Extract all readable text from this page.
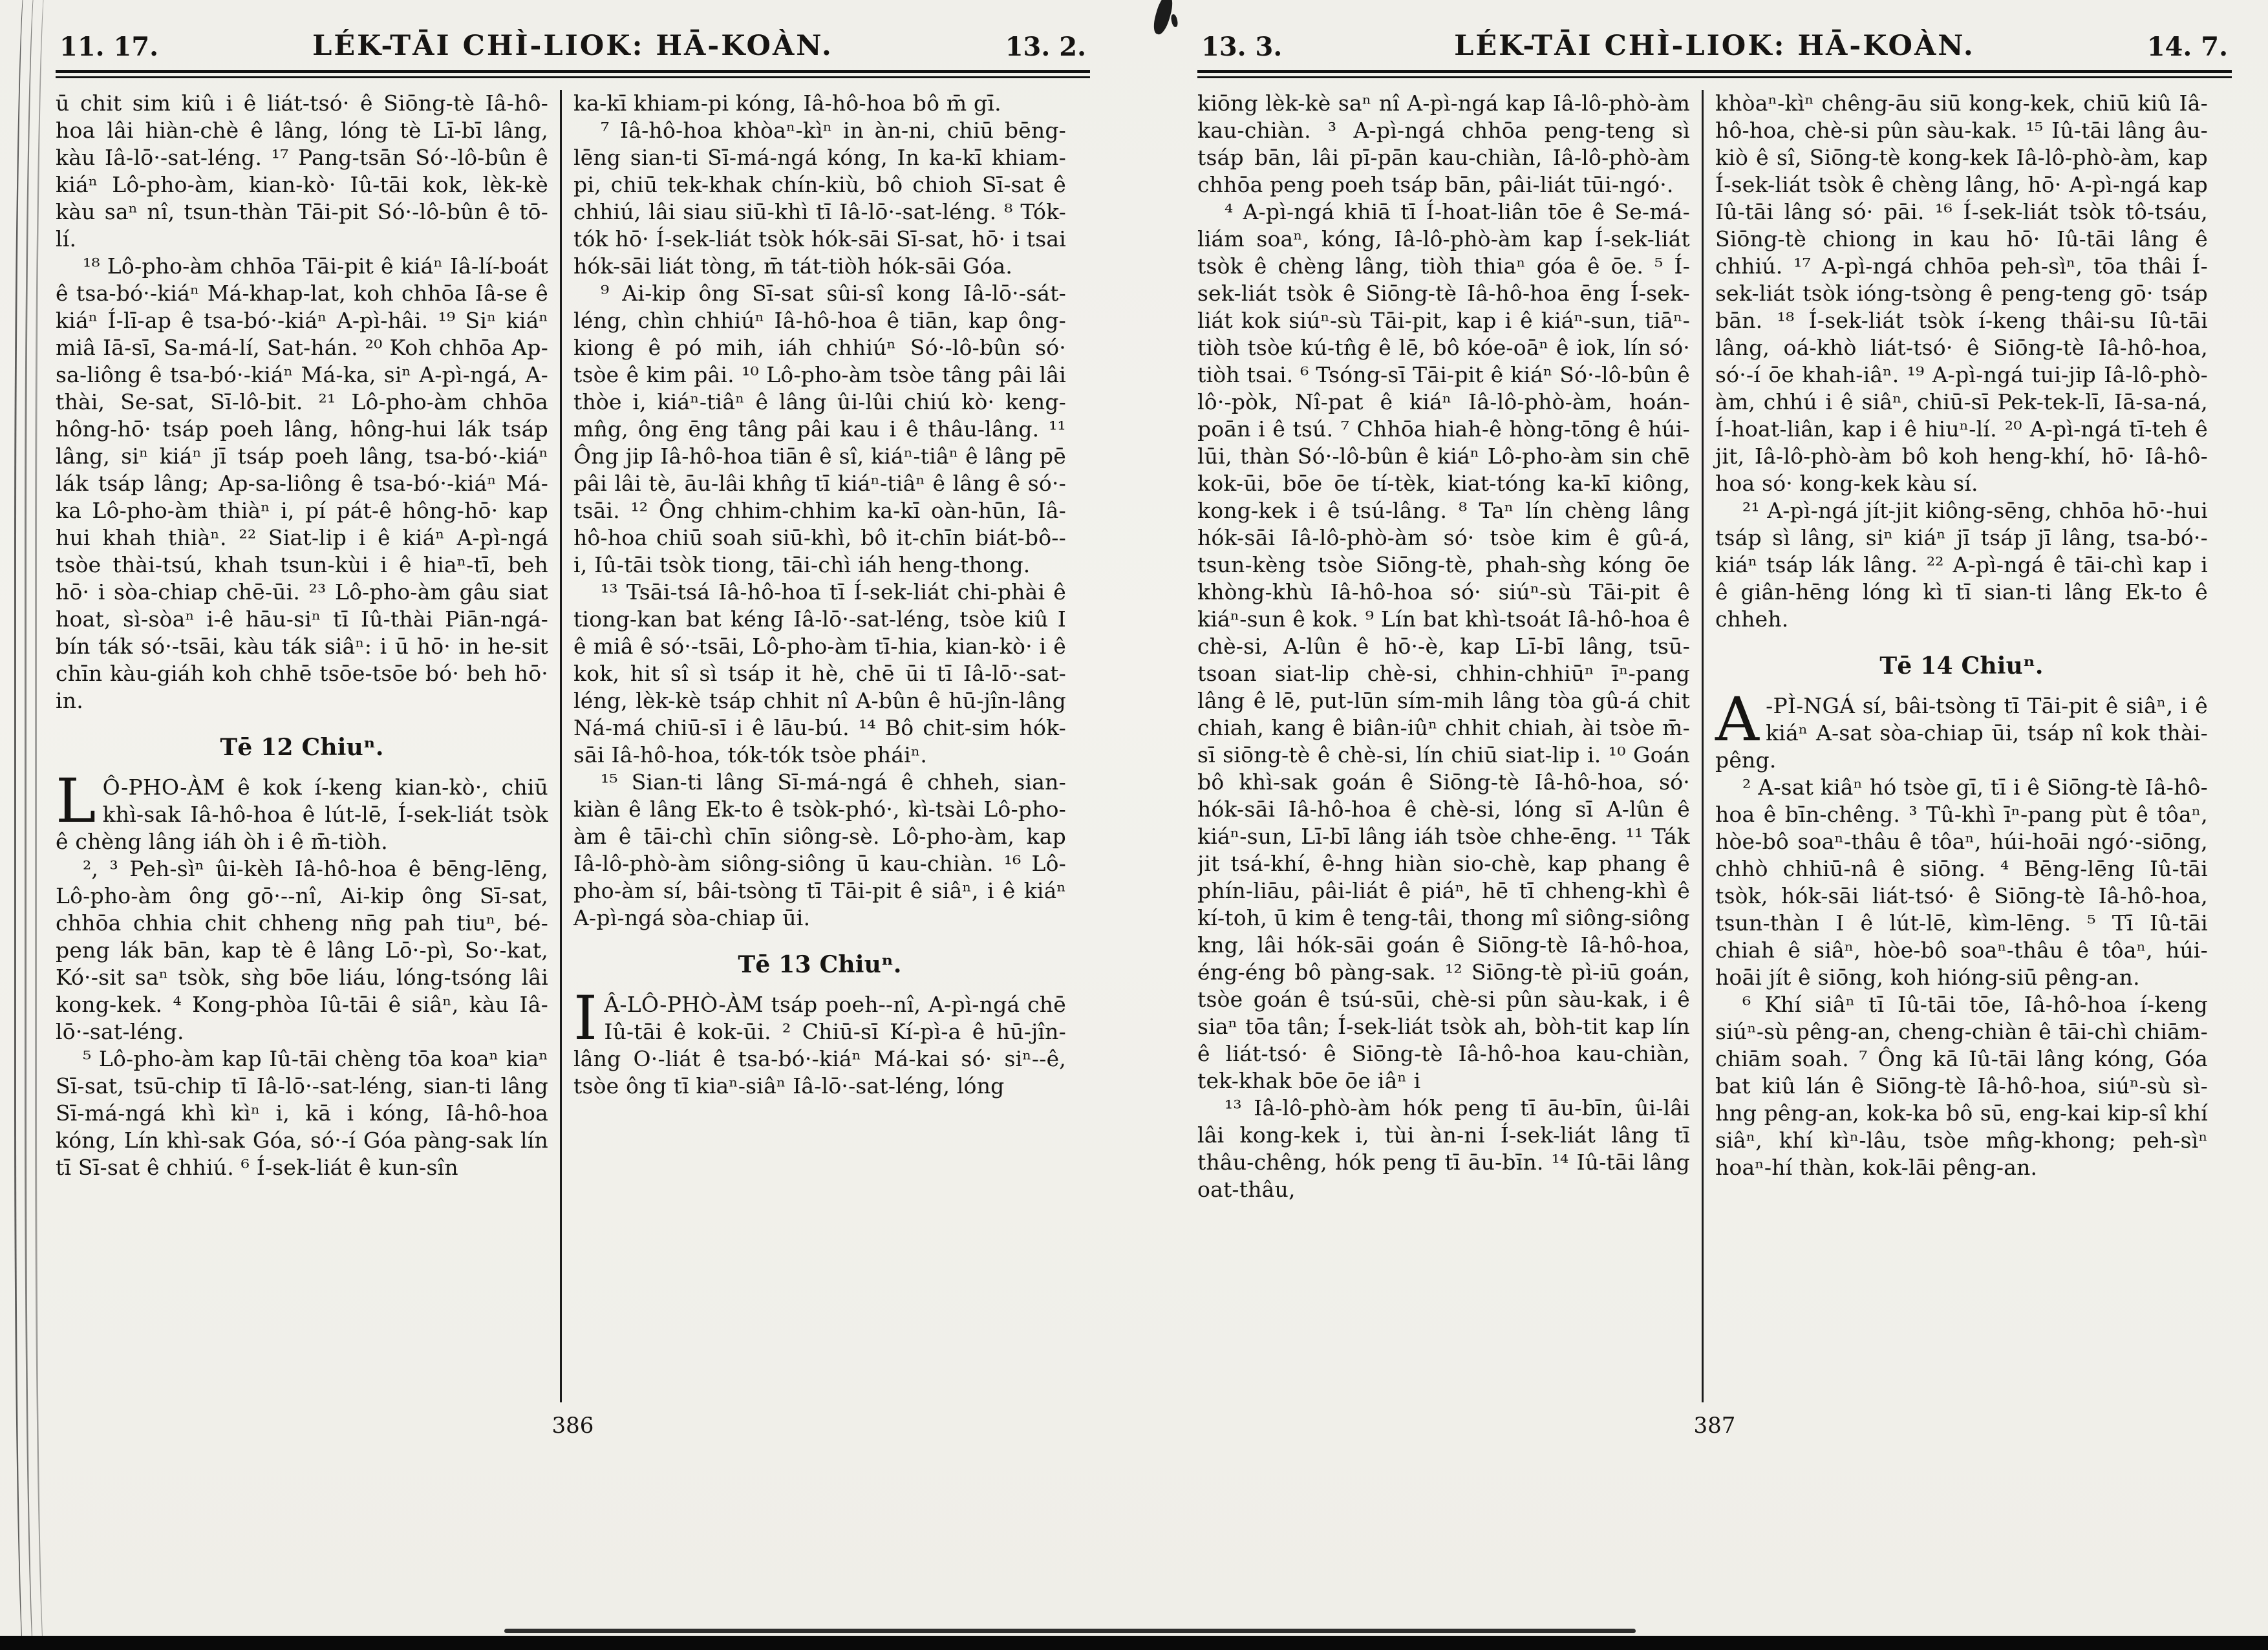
11. 17.	LÉK-TĀI CHÌ-LIOK: HĀ-KOÀN.	13. 2.

ū chit sim kiû i ê liát-tsó· ê Siōng-tè Iâ-hô-hoa lâi hiàn-chè ê lâng, lóng tè Lī-bī lâng, kàu Iâ-lō·-sat-léng. ¹⁷ Pang-tsān Só·-lô-bûn ê kiáⁿ Lô-pho-àm, kian-kò· Iû-tāi kok, lèk-kè kàu saⁿ nî, tsun-thàn Tāi-pit Só·-lô-bûn ê tō-lí.

¹⁸ Lô-pho-àm chhōa Tāi-pit ê kiáⁿ Iâ-lí-boát ê tsa-bó·-kiáⁿ Má-khap-lat, koh chhōa Iâ-se ê kiáⁿ Í-lī-ap ê tsa-bó·-kiáⁿ A-pì-hâi. ¹⁹ Siⁿ kiáⁿ miâ Iā-sī, Sa-má-lí, Sat-hán. ²⁰ Koh chhōa Ap-sa-liông ê tsa-bó·-kiáⁿ Má-ka, siⁿ A-pì-ngá, A-thài, Se-sat, Sī-lô-bit. ²¹ Lô-pho-àm chhōa hông-hō· tsáp poeh lâng, hông-hui lák tsáp lâng, siⁿ kiáⁿ jī tsáp poeh lâng, tsa-bó·-kiáⁿ lák tsáp lâng; Ap-sa-liông ê tsa-bó·-kiáⁿ Má-ka Lô-pho-àm thiàⁿ i, pí pát-ê hông-hō· kap hui khah thiàⁿ. ²² Siat-lip i ê kiáⁿ A-pì-ngá tsòe thài-tsú, khah tsun-kùi i ê hiaⁿ-tī, beh hō· i sòa-chiap chē-ūi. ²³ Lô-pho-àm gâu siat hoat, sì-sòaⁿ i-ê hāu-siⁿ tī Iû-thài Piān-ngá-bín ták só·-tsāi, kàu ták siâⁿ: i ū hō· in he-sit chīn kàu-giáh koh chhē tsōe-tsōe bó· beh hō· in.

Tē 12 Chiuⁿ.

L Ô-PHO-ÀM ê kok í-keng kian-kò·, chiū khì-sak Iâ-hô-hoa ê lút-lē, Í-sek-liát tsòk ê chèng lâng iáh òh i ê m̄-tiòh.

², ³ Peh-sìⁿ ûi-kèh Iâ-hô-hoa ê bēng-lēng, Lô-pho-àm ông gō·--nî, Ai-kip ông Sī-sat, chhōa chhia chit chheng nn̄g pah tiuⁿ, bé-peng lák bān, kap tè ê lâng Lō·-pì, So·-kat, Kó·-sit saⁿ tsòk, sǹg bōe liáu, lóng-tsóng lâi kong-kek. ⁴ Kong-phòa Iû-tāi ê siâⁿ, kàu Iâ-lō·-sat-léng.

⁵ Lô-pho-àm kap Iû-tāi chèng tōa koaⁿ kiaⁿ Sī-sat, tsū-chip tī Iâ-lō·-sat-léng, sian-ti lâng Sī-má-ngá khì kìⁿ i, kā i kóng, Iâ-hô-hoa kóng, Lín khì-sak Góa, só·-í Góa pàng-sak lín tī Sī-sat ê chhiú. ⁶ Í-sek-liát ê kun-sîn

ka-kī khiam-pi kóng, Iâ-hô-hoa bô m̄ gī.

⁷ Iâ-hô-hoa khòaⁿ-kìⁿ in àn-ni, chiū bēng-lēng sian-ti Sī-má-ngá kóng, In ka-kī khiam-pi, chiū tek-khak chín-kiù, bô chioh Sī-sat ê chhiú, lâi siau siū-khì tī Iâ-lō·-sat-léng. ⁸ Tók-tók hō· Í-sek-liát tsòk hók-sāi Sī-sat, hō· i tsai hók-sāi liát tòng, m̄ tát-tiòh hók-sāi Góa.

⁹ Ai-kip ông Sī-sat sûi-sî kong Iâ-lō·-sát-léng, chìn chhiúⁿ Iâ-hô-hoa ê tiān, kap ông-kiong ê pó mih, iáh chhiúⁿ Só·-lô-bûn só· tsòe ê kim pâi. ¹⁰ Lô-pho-àm tsòe tâng pâi lâi thòe i, kiáⁿ-tiâⁿ ê lâng ûi-lûi chiú kò· keng-mn̂g, ông ēng tâng pâi kau i ê thâu-lâng. ¹¹ Ông jip Iâ-hô-hoa tiān ê sî, kiáⁿ-tiâⁿ ê lâng pē pâi lâi tè, āu-lâi khn̂g tī kiáⁿ-tiâⁿ ê lâng ê só·-tsāi. ¹² Ông chhim-chhim ka-kī oàn-hūn, Iâ-hô-hoa chiū soah siū-khì, bô it-chīn biát-bô--i, Iû-tāi tsòk tiong, tāi-chì iáh heng-thong.

¹³ Tsāi-tsá Iâ-hô-hoa tī Í-sek-liát chi-phài ê tiong-kan bat kéng Iâ-lō·-sat-léng, tsòe kiû I ê miâ ê só·-tsāi, Lô-pho-àm tī-hia, kian-kò· i ê kok, hit sî sì tsáp it hè, chē ūi tī Iâ-lō·-sat-léng, lèk-kè tsáp chhit nî A-bûn ê hū-jîn-lâng Ná-má chiū-sī i ê lāu-bú. ¹⁴ Bô chit-sim hók-sāi Iâ-hô-hoa, tók-tók tsòe pháiⁿ.

¹⁵ Sian-ti lâng Sī-má-ngá ê chheh, sian-kiàn ê lâng Ek-to ê tsòk-phó·, kì-tsài Lô-pho-àm ê tāi-chì chīn siông-sè. Lô-pho-àm, kap Iâ-lô-phò-àm siông-siông ū kau-chiàn. ¹⁶ Lô-pho-àm sí, bâi-tsòng tī Tāi-pit ê siâⁿ, i ê kiáⁿ A-pì-ngá sòa-chiap ūi.

Tē 13 Chiuⁿ.

I Â-LÔ-PHÒ-ÀM tsáp poeh--nî, A-pì-ngá chē Iû-tāi ê kok-ūi. ² Chiū-sī Kí-pì-a ê hū-jîn-lâng O·-liát ê tsa-bó·-kiáⁿ Má-kai só· siⁿ--ê, tsòe ông tī kiaⁿ-siâⁿ Iâ-lō·-sat-léng, lóng

386
13. 3.	LÉK-TĀI CHÌ-LIOK: HĀ-KOÀN.	14. 7.

kiōng lèk-kè saⁿ nî A-pì-ngá kap Iâ-lô-phò-àm kau-chiàn. ³ A-pì-ngá chhōa peng-teng sì tsáp bān, lâi pī-pān kau-chiàn, Iâ-lô-phò-àm chhōa peng poeh tsáp bān, pâi-liát tūi-ngó·.

⁴ A-pì-ngá khiā tī Í-hoat-liân tōe ê Se-má-liám soaⁿ, kóng, Iâ-lô-phò-àm kap Í-sek-liát tsòk ê chèng lâng, tiòh thiaⁿ góa ê ōe. ⁵ Í-sek-liát tsòk ê Siōng-tè Iâ-hô-hoa ēng Í-sek-liát kok siúⁿ-sù Tāi-pit, kap i ê kiáⁿ-sun, tiāⁿ-tiòh tsòe kú-tn̂g ê lē, bô kóe-oāⁿ ê iok, lín só· tiòh tsai. ⁶ Tsóng-sī Tāi-pit ê kiáⁿ Só·-lô-bûn ê lô·-pòk, Nî-pat ê kiáⁿ Iâ-lô-phò-àm, hoán-poān i ê tsú. ⁷ Chhōa hiah-ê hòng-tōng ê húi-lūi, thàn Só·-lô-bûn ê kiáⁿ Lô-pho-àm sin chē kok-ūi, bōe ōe tí-tèk, kiat-tóng ka-kī kiông, kong-kek i ê tsú-lâng. ⁸ Taⁿ lín chèng lâng hók-sāi Iâ-lô-phò-àm só· tsòe kim ê gû-á, tsun-kèng tsòe Siōng-tè, phah-sǹg kóng ōe khòng-khù Iâ-hô-hoa só· siúⁿ-sù Tāi-pit ê kiáⁿ-sun ê kok. ⁹ Lín bat khì-tsoát Iâ-hô-hoa ê chè-si, A-lûn ê hō·-è, kap Lī-bī lâng, tsū-tsoan siat-lip chè-si, chhin-chhiūⁿ īⁿ-pang lâng ê lē, put-lūn sím-mih lâng tòa gû-á chit chiah, kang ê biân-iûⁿ chhit chiah, ài tsòe m̄-sī siōng-tè ê chè-si, lín chiū siat-lip i. ¹⁰ Goán bô khì-sak goán ê Siōng-tè Iâ-hô-hoa, só· hók-sāi Iâ-hô-hoa ê chè-si, lóng sī A-lûn ê kiáⁿ-sun, Lī-bī lâng iáh tsòe chhe-ēng. ¹¹ Ták jit tsá-khí, ê-hng hiàn sio-chè, kap phang ê phín-liāu, pâi-liát ê piáⁿ, hē tī chheng-khì ê kí-toh, ū kim ê teng-tâi, thong mî siông-siông kng, lâi hók-sāi goán ê Siōng-tè Iâ-hô-hoa, éng-éng bô pàng-sak. ¹² Siōng-tè pì-iū goán, tsòe goán ê tsú-sūi, chè-si pûn sàu-kak, i ê siaⁿ tōa tân; Í-sek-liát tsòk ah, bòh-tit kap lín ê liát-tsó· ê Siōng-tè Iâ-hô-hoa kau-chiàn, tek-khak bōe ōe iâⁿ i

¹³ Iâ-lô-phò-àm hók peng tī āu-bīn, ûi-lâi lâi kong-kek i, tùi àn-ni Í-sek-liát lâng tī thâu-chêng, hók peng tī āu-bīn. ¹⁴ Iû-tāi lâng oat-thâu,

khòaⁿ-kìⁿ chêng-āu siū kong-kek, chiū kiû Iâ-hô-hoa, chè-si pûn sàu-kak. ¹⁵ Iû-tāi lâng âu-kiò ê sî, Siōng-tè kong-kek Iâ-lô-phò-àm, kap Í-sek-liát tsòk ê chèng lâng, hō· A-pì-ngá kap Iû-tāi lâng só· pāi. ¹⁶ Í-sek-liát tsòk tô-tsáu, Siōng-tè chiong in kau hō· Iû-tāi lâng ê chhiú. ¹⁷ A-pì-ngá chhōa peh-sìⁿ, tōa thâi Í-sek-liát tsòk ióng-tsòng ê peng-teng gō· tsáp bān. ¹⁸ Í-sek-liát tsòk í-keng thâi-su Iû-tāi lâng, oá-khò liát-tsó· ê Siōng-tè Iâ-hô-hoa, só·-í ōe khah-iâⁿ. ¹⁹ A-pì-ngá tui-jip Iâ-lô-phò-àm, chhú i ê siâⁿ, chiū-sī Pek-tek-lī, Iā-sa-ná, Í-hoat-liân, kap i ê hiuⁿ-lí. ²⁰ A-pì-ngá tī-teh ê jit, Iâ-lô-phò-àm bô koh heng-khí, hō· Iâ-hô-hoa só· kong-kek kàu sí.

²¹ A-pì-ngá jít-jit kiông-sēng, chhōa hō·-hui tsáp sì lâng, siⁿ kiáⁿ jī tsáp jī lâng, tsa-bó·-kiáⁿ tsáp lák lâng. ²² A-pì-ngá ê tāi-chì kap i ê giân-hēng lóng kì tī sian-ti lâng Ek-to ê chheh.

Tē 14 Chiuⁿ.

A -PÌ-NGÁ sí, bâi-tsòng tī Tāi-pit ê siâⁿ, i ê kiáⁿ A-sat sòa-chiap ūi, tsáp nî kok thài-pêng.

² A-sat kiâⁿ hó tsòe gī, tī i ê Siōng-tè Iâ-hô-hoa ê bīn-chêng. ³ Tû-khì īⁿ-pang pùt ê tôaⁿ, hòe-bô soaⁿ-thâu ê tôaⁿ, húi-hoāi ngó·-siōng, chhò chhiū-nâ ê siōng. ⁴ Bēng-lēng Iû-tāi tsòk, hók-sāi liát-tsó· ê Siōng-tè Iâ-hô-hoa, tsun-thàn I ê lút-lē, kìm-lēng. ⁵ Tī Iû-tāi chiah ê siâⁿ, hòe-bô soaⁿ-thâu ê tôaⁿ, húi-hoāi jít ê siōng, koh hióng-siū pêng-an.

⁶ Khí siâⁿ tī Iû-tāi tōe, Iâ-hô-hoa í-keng siúⁿ-sù pêng-an, cheng-chiàn ê tāi-chì chiām-chiām soah. ⁷ Ông kā Iû-tāi lâng kóng, Góa bat kiû lán ê Siōng-tè Iâ-hô-hoa, siúⁿ-sù sì-hng pêng-an, kok-ka bô sū, eng-kai kip-sî khí siâⁿ, khí kìⁿ-lâu, tsòe mn̂g-khong; peh-sìⁿ hoaⁿ-hí thàn, kok-lāi pêng-an.

387
